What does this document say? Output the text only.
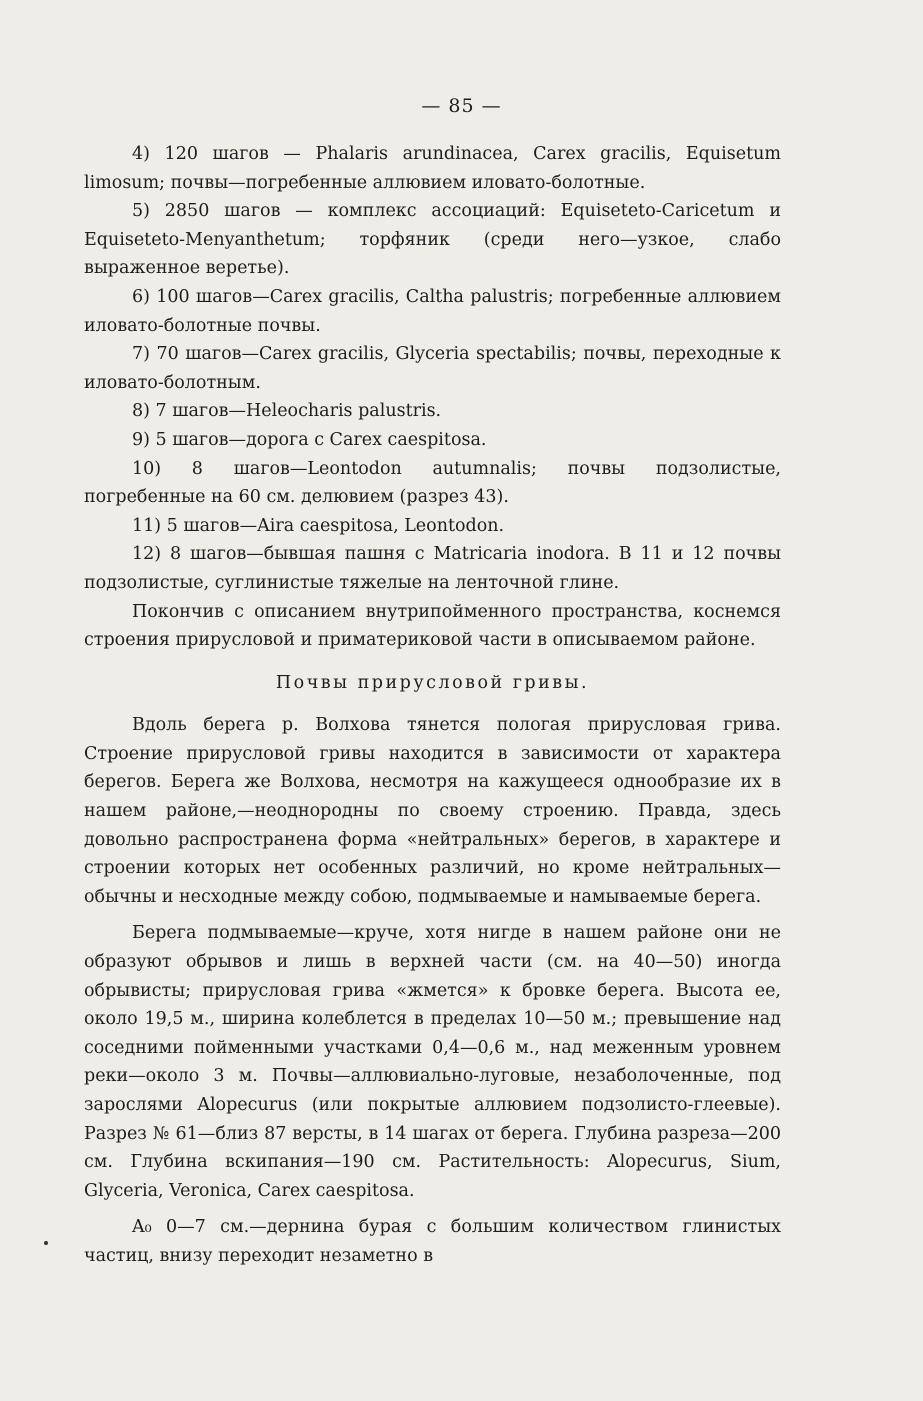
— 85 —

4) 120 шагов — Phalaris arundinacea, Carex gracilis, Equisetum limosum; почвы—погребенные аллювием иловато-болотные.

5) 2850 шагов — комплекс ассоциаций: Equiseteto-Caricetum и Equiseteto-Menyanthetum; торфяник (среди него—узкое, слабо выраженное веретье).

6) 100 шагов—Carex gracilis, Caltha palustris; погребенные аллювием иловато-болотные почвы.

7) 70 шагов—Carex gracilis, Glyceria spectabilis; почвы, переходные к иловато-болотным.

8) 7 шагов—Heleocharis palustris.

9) 5 шагов—дорога с Carex caespitosa.

10) 8 шагов—Leontodon autumnalis; почвы подзолистые, погребенные на 60 см. делювием (разрез 43).

11) 5 шагов—Aira caespitosa, Leontodon.

12) 8 шагов—бывшая пашня с Matricaria inodora. В 11 и 12 почвы подзолистые, суглинистые тяжелые на ленточной глине.

Покончив с описанием внутрипойменного пространства, коснемся строения прирусловой и приматериковой части в описываемом районе.

Почвы прирусловой гривы.

Вдоль берега р. Волхова тянется пологая прирусловая грива. Строение прирусловой гривы находится в зависимости от характера берегов. Берега же Волхова, несмотря на кажущееся однообразие их в нашем районе,—неоднородны по своему строению. Правда, здесь довольно распространена форма «нейтральных» берегов, в характере и строении которых нет особенных различий, но кроме нейтральных—обычны и несходные между собою, подмываемые и намываемые берега.

Берега подмываемые—круче, хотя нигде в нашем районе они не образуют обрывов и лишь в верхней части (см. на 40—50) иногда обрывисты; прирусловая грива «жмется» к бровке берега. Высота ее, около 19,5 м., ширина колеблется в пределах 10—50 м.; превышение над соседними пойменными участками 0,4—0,6 м., над меженным уровнем реки—около 3 м. Почвы—аллювиально-луговые, незаболоченные, под зарослями Alopecurus (или покрытые аллювием подзолисто-глеевые). Разрез № 61—близ 87 версты, в 14 шагах от берега. Глубина разреза—200 см. Глубина вскипания—190 см. Растительность: Alopecurus, Sium, Glyceria, Veronica, Carex caespitosa.

A₀ 0—7 см.—дернина бурая с большим количеством глинистых частиц, внизу переходит незаметно в
